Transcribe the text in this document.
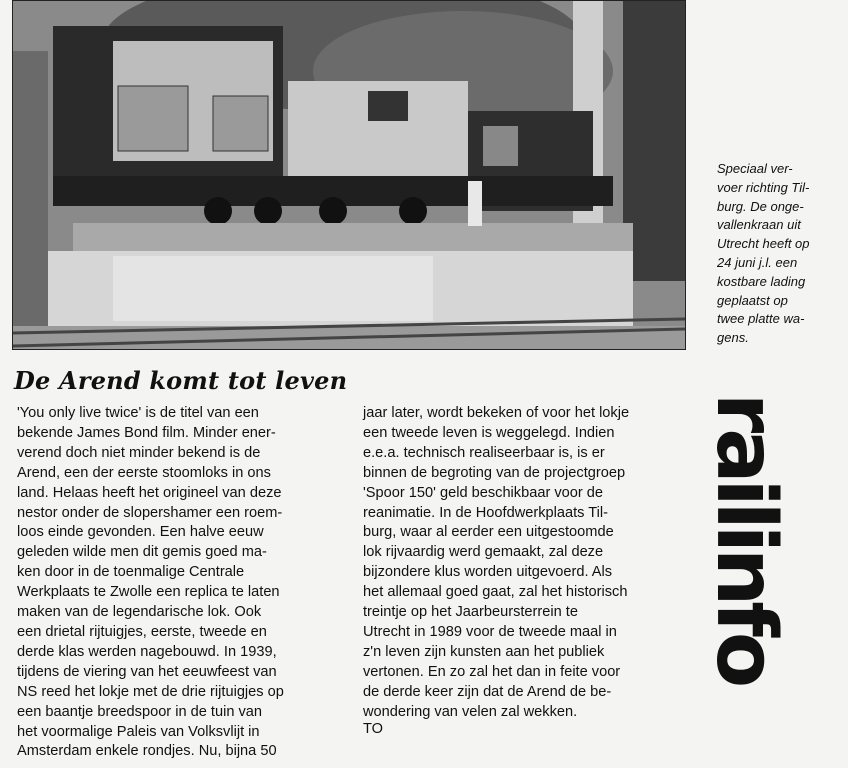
Speciaal ver-

voer richting Til-

burg. De onge-

vallenkraan uit

Utrecht heeft op

24 juni j.l. een

kostbare lading

geplaatst op

twee platte wa-

gens.

De Arend komt tot leven

'You only live twice' is de titel van een

bekende James Bond film. Minder ener-

verend doch niet minder bekend is de

Arend, een der eerste stoomloks in ons

land. Helaas heeft het origineel van deze

nestor onder de slopershamer een roem-

loos einde gevonden. Een halve eeuw

geleden wilde men dit gemis goed ma-

ken door in de toenmalige Centrale

Werkplaats te Zwolle een replica te laten

maken van de legendarische lok. Ook

een drietal rijtuigjes, eerste, tweede en

derde klas werden nagebouwd. In 1939,

tijdens de viering van het eeuwfeest van

NS reed het lokje met de drie rijtuigjes op

een baantje breedspoor in de tuin van

het voormalige Paleis van Volksvlijt in

Amsterdam enkele rondjes. Nu, bijna 50

jaar later, wordt bekeken of voor het lokje

een tweede leven is weggelegd. Indien

e.e.a. technisch realiseerbaar is, is er

binnen de begroting van de projectgroep

'Spoor 150' geld beschikbaar voor de

reanimatie. In de Hoofdwerkplaats Til-

burg, waar al eerder een uitgestoomde

lok rijvaardig werd gemaakt, zal deze

bijzondere klus worden uitgevoerd. Als

het allemaal goed gaat, zal het historisch

treintje op het Jaarbeursterrein te

Utrecht in 1989 voor de tweede maal in

z'n leven zijn kunsten aan het publiek

vertonen. En zo zal het dan in feite voor

de derde keer zijn dat de Arend de be-

wondering van velen zal wekken.

TO

railinfo
